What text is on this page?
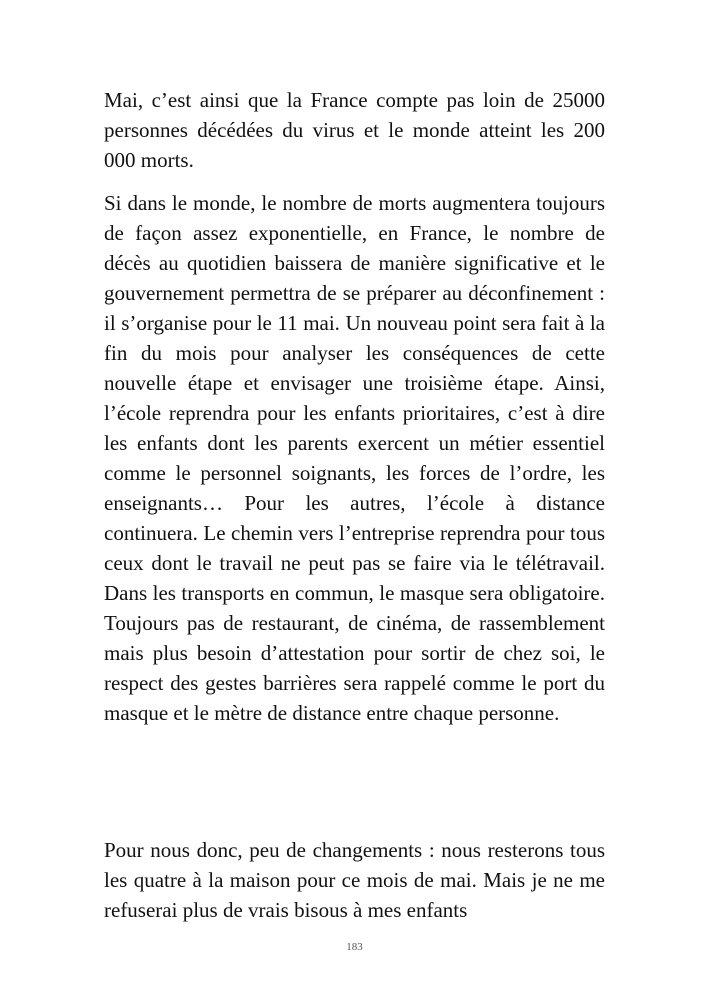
Mai, c’est ainsi que la France compte pas loin de 25000 personnes décédées du virus et le monde atteint les 200 000 morts.

Si dans le monde, le nombre de morts augmentera toujours de façon assez exponentielle, en France, le nombre de décès au quotidien baissera de manière significative et le gouvernement permettra de se préparer au déconfinement : il s’organise pour le 11 mai. Un nouveau point sera fait à la fin du mois pour analyser les conséquences de cette nouvelle étape et envisager une troisième étape. Ainsi, l’école reprendra pour les enfants prioritaires, c’est à dire les enfants dont les parents exercent un métier essentiel comme le personnel soignants, les forces de l’ordre, les enseignants… Pour les autres, l’école à distance continuera. Le chemin vers l’entreprise reprendra pour tous ceux dont le travail ne peut pas se faire via le télétravail. Dans les transports en commun, le masque sera obligatoire. Toujours pas de restaurant, de cinéma, de rassemblement mais plus besoin d’attestation pour sortir de chez soi, le respect des gestes barrières sera rappelé comme le port du masque et le mètre de distance entre chaque personne.

Pour nous donc, peu de changements : nous resterons tous les quatre à la maison pour ce mois de mai. Mais je ne me refuserai plus de vrais bisous à mes enfants

183
